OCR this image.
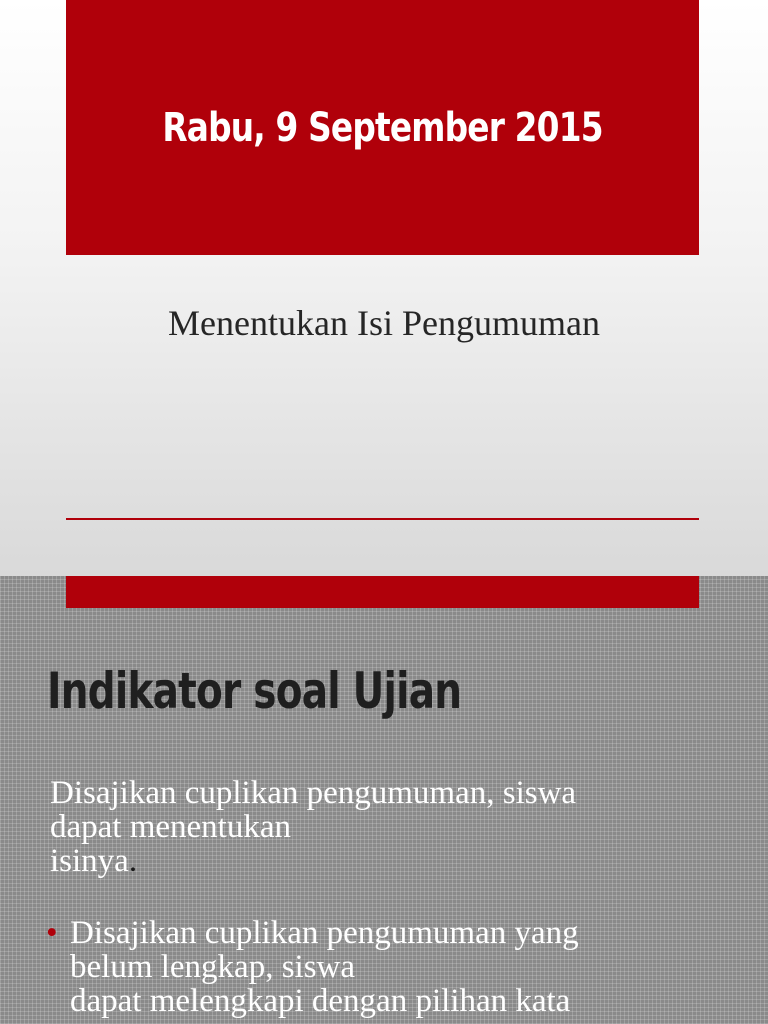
Rabu, 9 September 2015
Menentukan Isi Pengumuman
Indikator soal Ujian
Disajikan cuplikan pengumuman, siswa
dapat menentukan
isinya.
• Disajikan cuplikan pengumuman yang
belum lengkap, siswa
dapat melengkapi dengan pilihan kata
